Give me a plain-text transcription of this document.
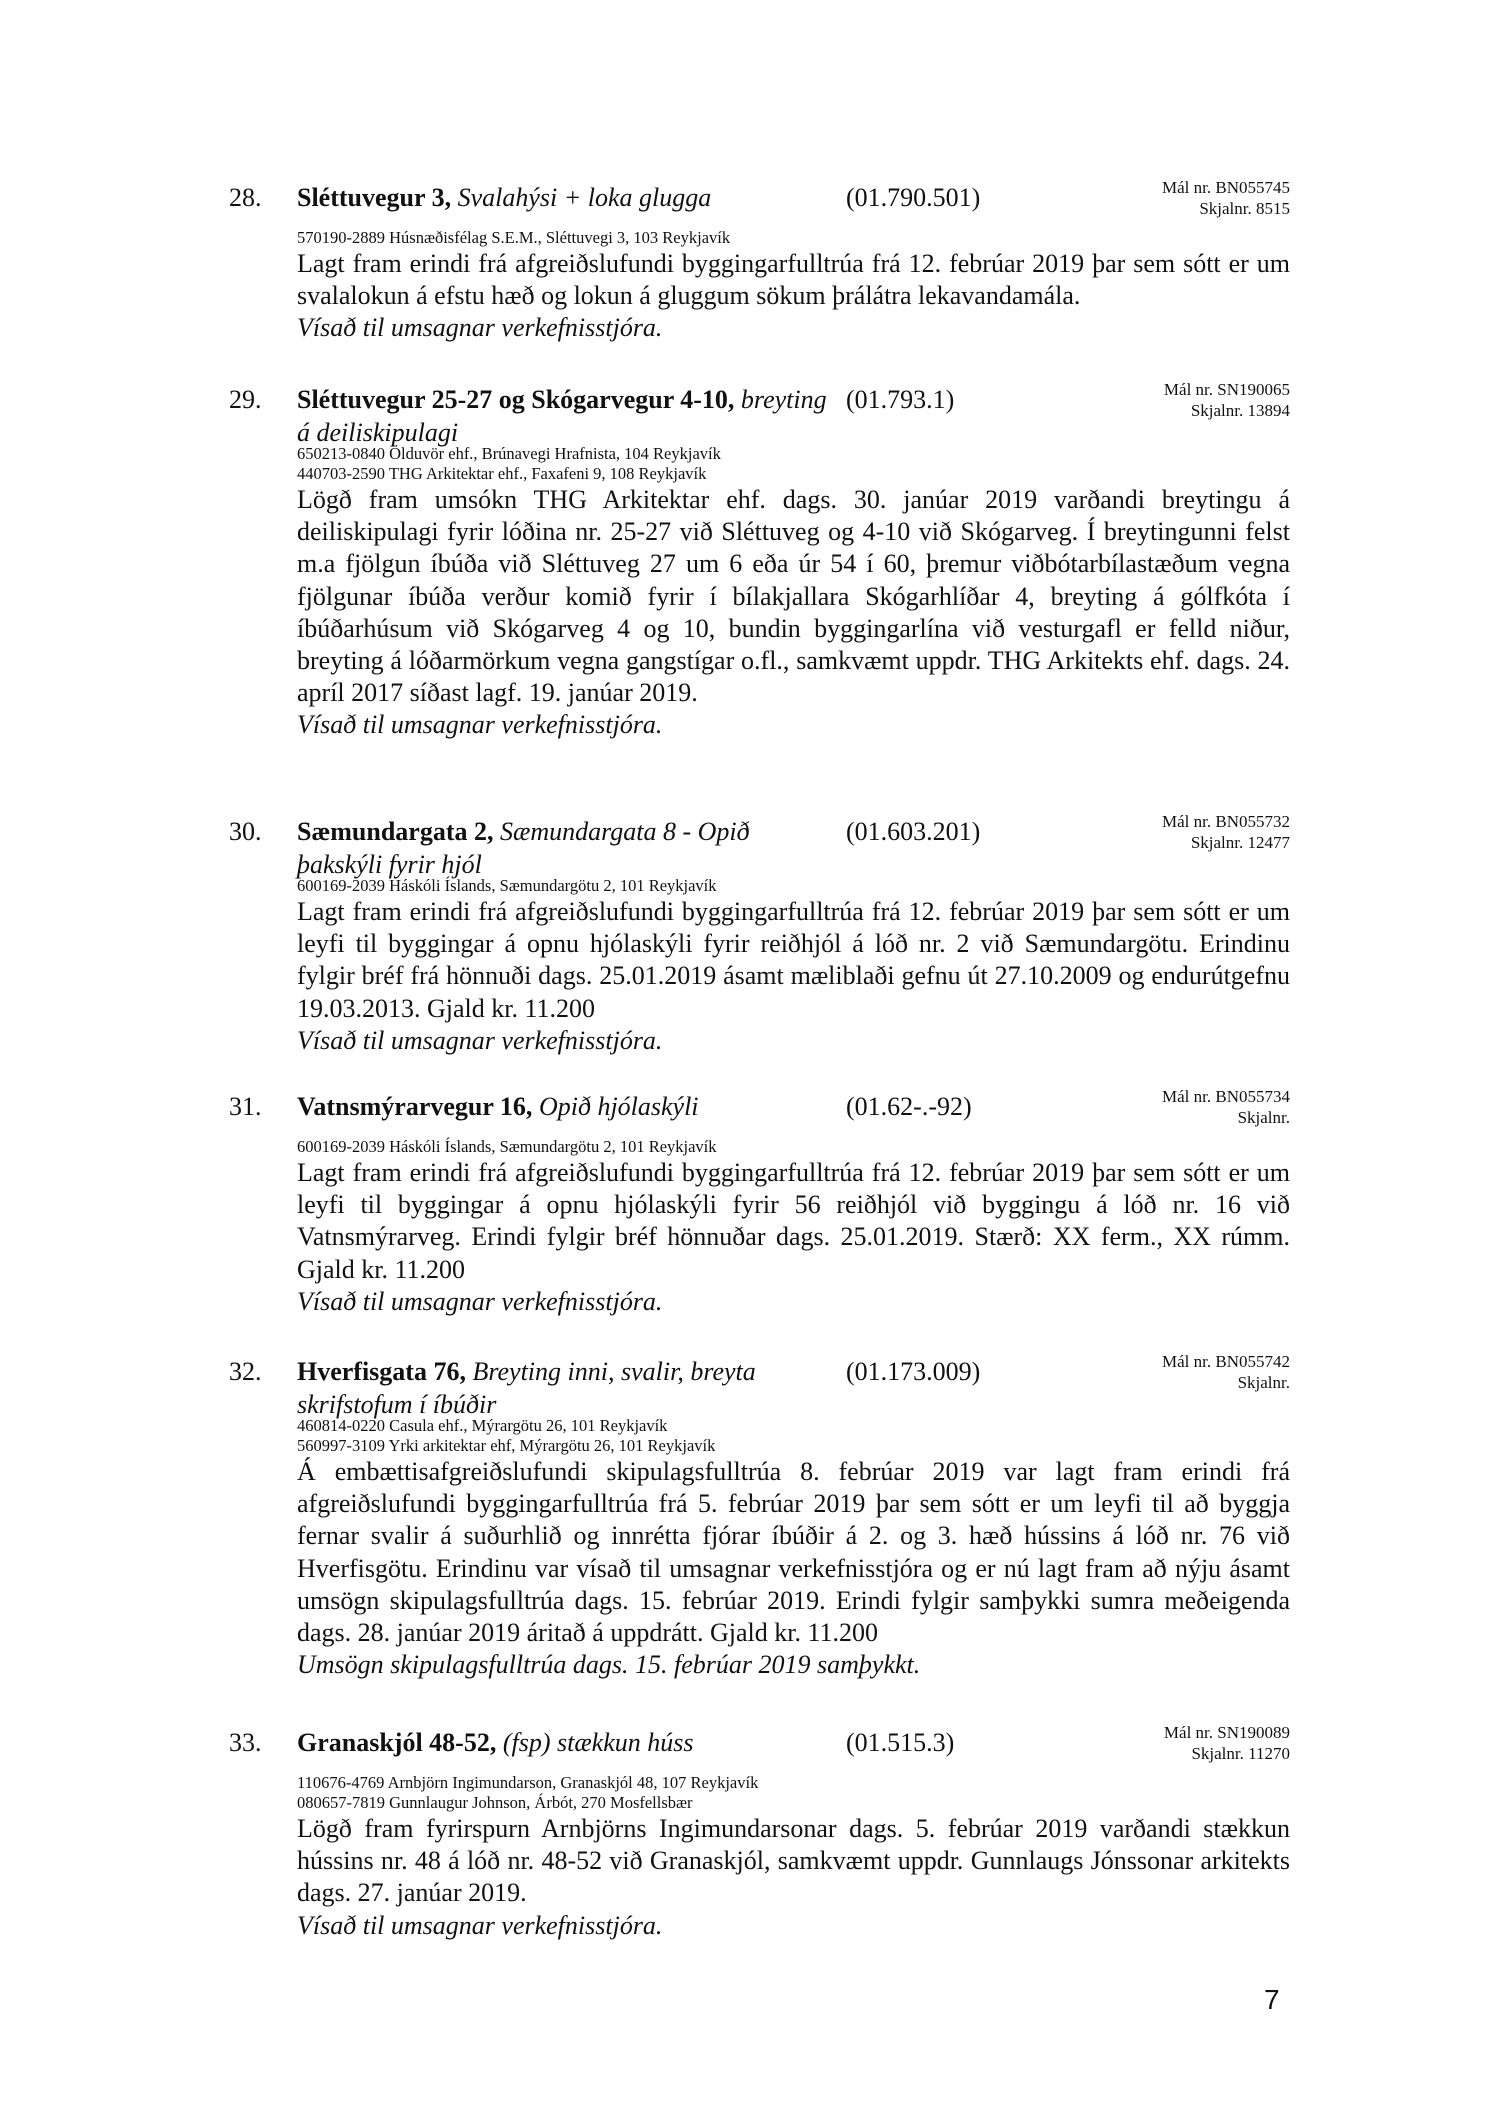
28. Sléttuvegur 3, Svalahýsi + loka glugga	(01.790.501)	Mál nr. BN055745
Skjalnr. 8515
570190-2889 Húsnæðisfélag S.E.M., Sléttuvegi 3, 103 Reykjavík
Lagt fram erindi frá afgreiðslufundi byggingarfulltrúa frá 12. febrúar 2019 þar sem sótt er um svalalokun á efstu hæð og lokun á gluggum sökum þrálátra lekavandamála.
Vísað til umsagnar verkefnisstjóra.
29. Sléttuvegur 25-27 og Skógarvegur 4-10, breyting á deiliskipulagi
(01.793.1)	Mál nr. SN190065
Skjalnr. 13894
650213-0840 Ölduvör ehf., Brúnavegi Hrafnista, 104 Reykjavík
440703-2590 THG Arkitektar ehf., Faxafeni 9, 108 Reykjavík
Lögð fram umsókn THG Arkitektar ehf. dags. 30. janúar 2019 varðandi breytingu á deiliskipulagi fyrir lóðina nr. 25-27 við Sléttuveg og 4-10 við Skógarveg. Í breytingunni felst m.a fjölgun íbúða við Sléttuveg 27 um 6 eða úr 54 í 60, þremur viðbótarbílastæðum vegna fjölgunar íbúða verður komið fyrir í bílakjallara Skógarhlíðar 4, breyting á gólfkóta í íbúðarhúsum við Skógarveg 4 og 10, bundin byggingarlína við vesturgafl er felld niður, breyting á lóðarmörkum vegna gangstígar o.fl., samkvæmt uppdr. THG Arkitekts ehf. dags. 24. apríl 2017 síðast lagf. 19. janúar 2019.
Vísað til umsagnar verkefnisstjóra.
30. Sæmundargata 2, Sæmundargata 8 - Opið þakskýli fyrir hjól
(01.603.201)	Mál nr. BN055732
Skjalnr. 12477
600169-2039 Háskóli Íslands, Sæmundargötu 2, 101 Reykjavík
Lagt fram erindi frá afgreiðslufundi byggingarfulltrúa frá 12. febrúar 2019 þar sem sótt er um leyfi til byggingar á opnu hjólaskýli fyrir reiðhjól á lóð nr. 2 við Sæmundargötu. Erindinu fylgir bréf frá hönnuði dags. 25.01.2019 ásamt mæliblaði gefnu út 27.10.2009 og endurútgefnu 19.03.2013. Gjald kr. 11.200
Vísað til umsagnar verkefnisstjóra.
31. Vatnsmýrarvegur 16, Opið hjólaskýli	(01.62-.-92)	Mál nr. BN055734
Skjalnr.
600169-2039 Háskóli Íslands, Sæmundargötu 2, 101 Reykjavík
Lagt fram erindi frá afgreiðslufundi byggingarfulltrúa frá 12. febrúar 2019 þar sem sótt er um leyfi til byggingar á opnu hjólaskýli fyrir 56 reiðhjól við byggingu á lóð nr. 16 við Vatnsmýrarveg. Erindi fylgir bréf hönnuðar dags. 25.01.2019. Stærð: XX ferm., XX rúmm. Gjald kr. 11.200
Vísað til umsagnar verkefnisstjóra.
32. Hverfisgata 76, Breyting inni, svalir, breyta skrifstofum í íbúðir
(01.173.009)	Mál nr. BN055742
Skjalnr.
460814-0220 Casula ehf., Mýrargötu 26, 101 Reykjavík
560997-3109 Yrki arkitektar ehf, Mýrargötu 26, 101 Reykjavík
Á embættisafgreiðslufundi skipulagsfulltrúa 8. febrúar 2019 var lagt fram erindi frá afgreiðslufundi byggingarfulltrúa frá 5. febrúar 2019 þar sem sótt er um leyfi til að byggja fernar svalir á suðurhlið og innrétta fjórar íbúðir á 2. og 3. hæð hússins á lóð nr. 76 við Hverfisgötu. Erindinu var vísað til umsagnar verkefnisstjóra og er nú lagt fram að nýju ásamt umsögn skipulagsfulltrúa dags. 15. febrúar 2019. Erindi fylgir samþykki sumra meðeigenda dags. 28. janúar 2019 áritað á uppdrátt. Gjald kr. 11.200
Umsögn skipulagsfulltrúa dags. 15. febrúar 2019 samþykkt.
33. Granaskjól 48-52, (fsp) stækkun húss	(01.515.3)	Mál nr. SN190089
Skjalnr. 11270
110676-4769 Arnbjörn Ingimundarson, Granaskjól 48, 107 Reykjavík
080657-7819 Gunnlaugur Johnson, Árbót, 270 Mosfellsbær
Lögð fram fyrirspurn Arnbjörns Ingimundarsonar dags. 5. febrúar 2019 varðandi stækkun hússins nr. 48 á lóð nr. 48-52 við Granaskjól, samkvæmt uppdr. Gunnlaugs Jónssonar arkitekts dags. 27. janúar 2019.
Vísað til umsagnar verkefnisstjóra.
7
